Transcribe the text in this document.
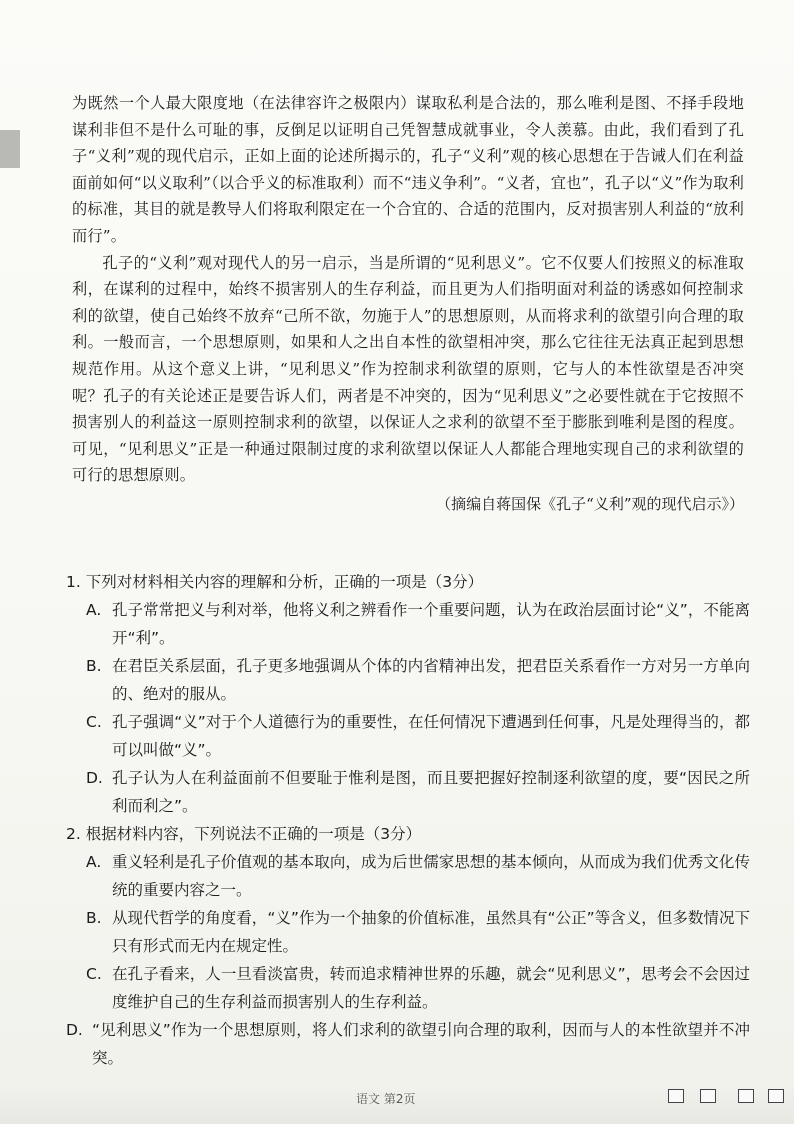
为既然一个人最大限度地（在法律容许之极限内）谋取私利是合法的，那么唯利是图、不择手段地谋利非但不是什么可耻的事，反倒足以证明自己凭智慧成就事业，令人羡慕。由此，我们看到了孔子“义利”观的现代启示，正如上面的论述所揭示的，孔子“义利”观的核心思想在于告诫人们在利益面前如何“以义取利”（以合乎义的标准取利）而不“违义争利”。“义者，宜也”，孔子以“义”作为取利的标准，其目的就是教导人们将取利限定在一个合宜的、合适的范围内，反对损害别人利益的“放利而行”。

孔子的“义利”观对现代人的另一启示，当是所谓的“见利思义”。它不仅要人们按照义的标准取利，在谋利的过程中，始终不损害别人的生存利益，而且更为人们指明面对利益的诱惑如何控制求利的欲望，使自己始终不放弃“己所不欲，勿施于人”的思想原则，从而将求利的欲望引向合理的取利。一般而言，一个思想原则，如果和人之出自本性的欲望相冲突，那么它往往无法真正起到思想规范作用。从这个意义上讲，“见利思义”作为控制求利欲望的原则，它与人的本性欲望是否冲突呢？孔子的有关论述正是要告诉人们，两者是不冲突的，因为“见利思义”之必要性就在于它按照不损害别人的利益这一原则控制求利的欲望，以保证人之求利的欲望不至于膨胀到唯利是图的程度。可见，“见利思义”正是一种通过限制过度的求利欲望以保证人人都能合理地实现自己的求利欲望的可行的思想原则。

（摘编自蒋国保《孔子“义利”观的现代启示》）

1. 下列对材料相关内容的理解和分析，正确的一项是（3分）

A. 孔子常常把义与利对举，他将义利之辨看作一个重要问题，认为在政治层面讨论“义”，不能离开“利”。
B. 在君臣关系层面，孔子更多地强调从个体的内省精神出发，把君臣关系看作一方对另一方单向的、绝对的服从。
C. 孔子强调“义”对于个人道德行为的重要性，在任何情况下遭遇到任何事，凡是处理得当的，都可以叫做“义”。
D. 孔子认为人在利益面前不但要耻于惟利是图，而且要把握好控制逐利欲望的度，要“因民之所利而利之”。

2. 根据材料内容，下列说法不正确的一项是（3分）

A. 重义轻利是孔子价值观的基本取向，成为后世儒家思想的基本倾向，从而成为我们优秀文化传统的重要内容之一。
B. 从现代哲学的角度看，“义”作为一个抽象的价值标准，虽然具有“公正”等含义，但多数情况下只有形式而无内在规定性。
C. 在孔子看来，人一旦看淡富贵，转而追求精神世界的乐趣，就会“见利思义”，思考会不会因过度维护自己的生存利益而损害别人的生存利益。
D. “见利思义”作为一个思想原则，将人们求利的欲望引向合理的取利，因而与人的本性欲望并不冲突。
语文 第2页
